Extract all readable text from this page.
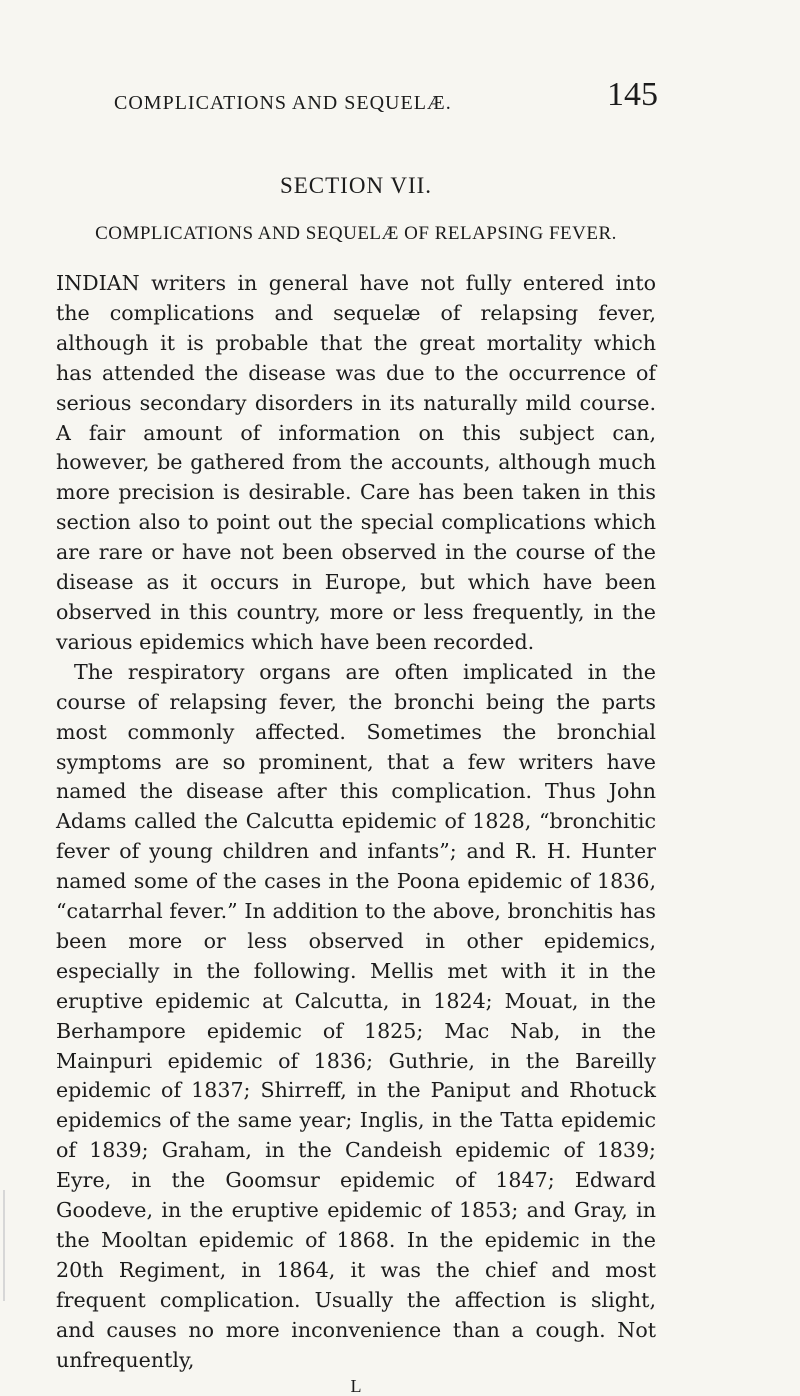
COMPLICATIONS AND SEQUELÆ.	145
SECTION VII.
COMPLICATIONS AND SEQUELÆ OF RELAPSING FEVER.

INDIAN writers in general have not fully entered into the complications and sequelæ of relapsing fever, although it is probable that the great mortality which has attended the disease was due to the occurrence of serious secondary disorders in its naturally mild course. A fair amount of information on this subject can, however, be gathered from the accounts, although much more precision is desirable. Care has been taken in this section also to point out the special complications which are rare or have not been observed in the course of the disease as it occurs in Europe, but which have been observed in this country, more or less frequently, in the various epidemics which have been recorded.

The respiratory organs are often implicated in the course of relapsing fever, the bronchi being the parts most commonly affected. Sometimes the bronchial symptoms are so prominent, that a few writers have named the disease after this complication. Thus John Adams called the Calcutta epidemic of 1828, “bronchitic fever of young children and infants”; and R. H. Hunter named some of the cases in the Poona epidemic of 1836, “catarrhal fever.” In addition to the above, bronchitis has been more or less observed in other epidemics, especially in the following. Mellis met with it in the eruptive epidemic at Calcutta, in 1824; Mouat, in the Berhampore epidemic of 1825; Mac Nab, in the Mainpuri epidemic of 1836; Guthrie, in the Bareilly epidemic of 1837; Shirreff, in the Paniput and Rhotuck epidemics of the same year; Inglis, in the Tatta epidemic of 1839; Graham, in the Candeish epidemic of 1839; Eyre, in the Goomsur epidemic of 1847; Edward Goodeve, in the eruptive epidemic of 1853; and Gray, in the Mooltan epidemic of 1868. In the epidemic in the 20th Regiment, in 1864, it was the chief and most frequent complication. Usually the affection is slight, and causes no more inconvenience than a cough. Not unfrequently,

L
